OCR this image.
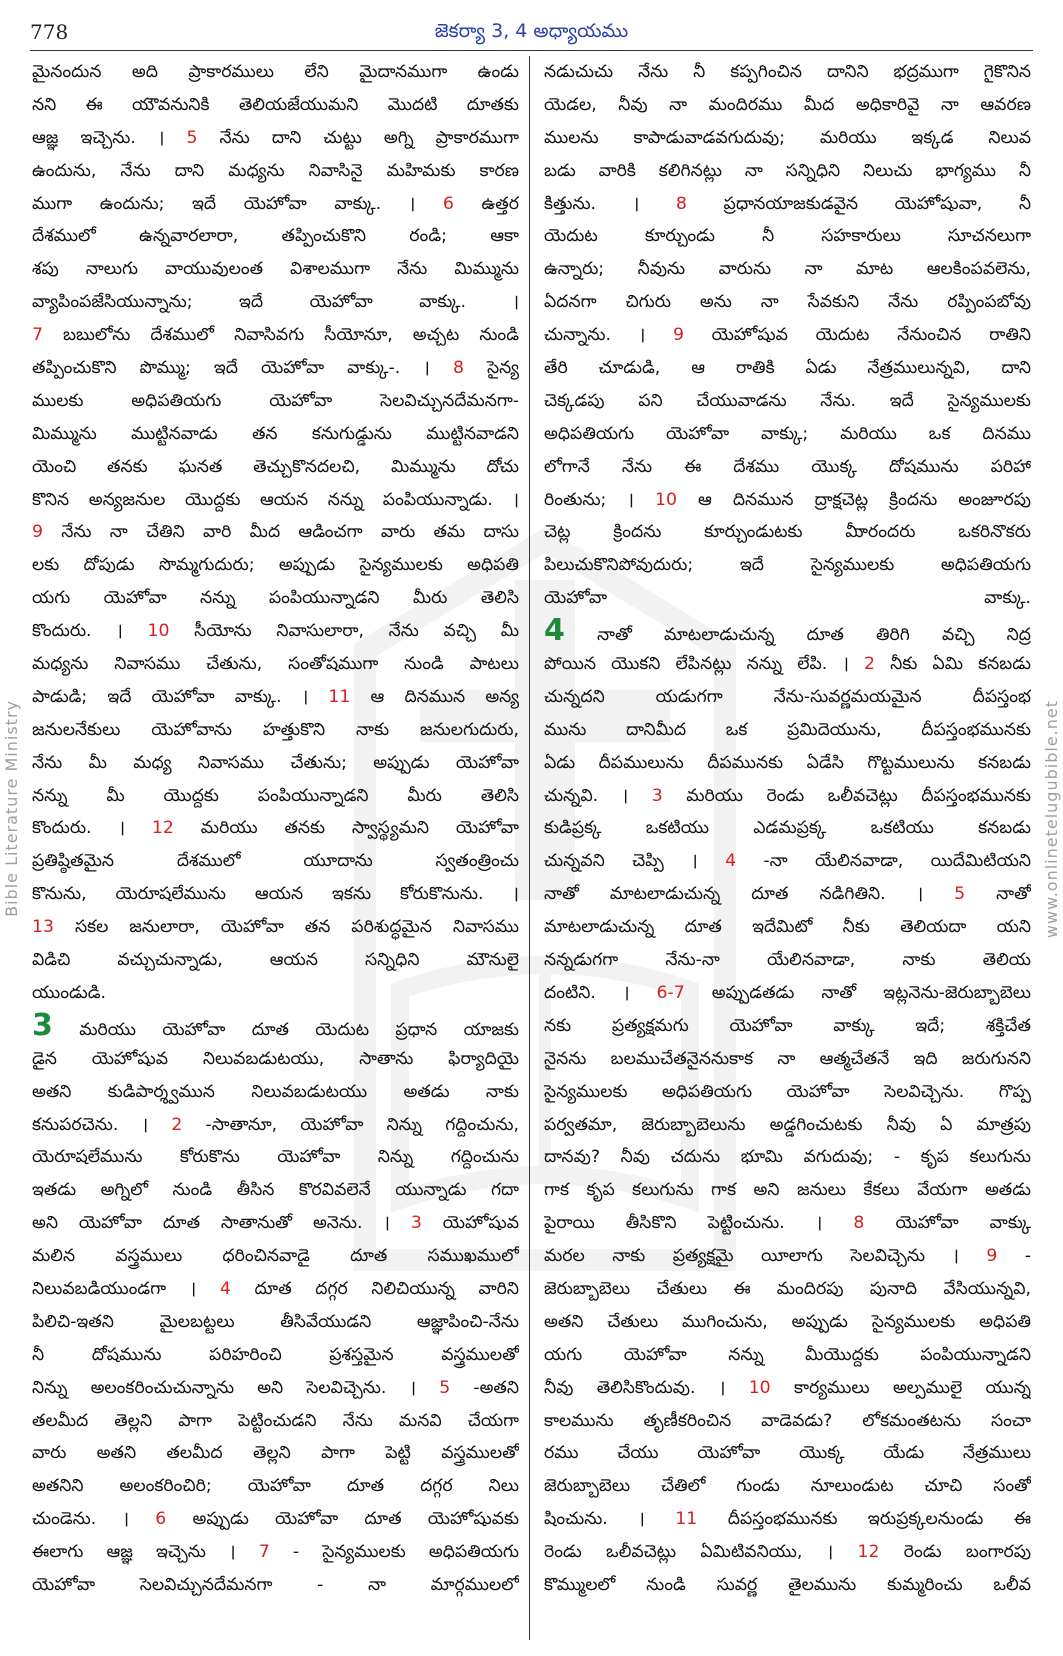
778	జెకర్యా 3, 4 అధ్యాయము
Bible Literature Ministry	www.onlinetelugubible.net
మైనందున అది ప్రాకారములు లేని మైదానముగా ఉండు
నని ఈ యౌవనునికి తెలియజేయుమని మొదటి దూతకు
ఆజ్ఞ ఇచ్చెను. । 5 నేను దాని చుట్టు అగ్ని ప్రాకారముగా
ఉందును, నేను దాని మధ్యను నివాసినై మహిమకు కారణ
ముగా ఉందును; ఇదే యెహోవా వాక్కు. । 6 ఉత్తర
దేశములో ఉన్నవారలారా, తప్పించుకొని రండి; ఆకా
శపు నాలుగు వాయువులంత విశాలముగా నేను మిమ్మును
వ్యాపింపజేసియున్నాను; ఇదే యెహోవా వాక్కు. ।
7 బబులోను దేశములో నివాసివగు సీయోనూ, అచ్చట నుండి
తప్పించుకొని పొమ్ము; ఇదే యెహోవా వాక్కు-. । 8 సైన్య
ములకు అధిపతియగు యెహోవా సెలవిచ్చునదేమనగా-
మిమ్మును ముట్టినవాడు తన కనుగుడ్డును ముట్టినవాడని
యెంచి తనకు ఘనత తెచ్చుకొనదలచి, మిమ్మును దోచు
కొనిన అన్యజనుల యొద్దకు ఆయన నన్ను పంపియున్నాడు. ।
9 నేను నా చేతిని వారి మీద ఆడించగా వారు తమ దాసు
లకు దోపుడు సొమ్మగుదురు; అప్పుడు సైన్యములకు అధిపతి
యగు యెహోవా నన్ను పంపియున్నాడని మీరు తెలిసి
కొందురు. । 10 సీయోను నివాసులారా, నేను వచ్చి మీ
మధ్యను నివాసము చేతును, సంతోషముగా నుండి పాటలు
పాడుడి; ఇదే యెహోవా వాక్కు. । 11 ఆ దినమున అన్య
జనులనేకులు యెహోవాను హత్తుకొని నాకు జనులగుదురు,
నేను మీ మధ్య నివాసము చేతును; అప్పుడు యెహోవా
నన్ను మీ యొద్దకు పంపియున్నాడని మీరు తెలిసి
కొందురు. । 12 మరియు తనకు స్వాస్థ్యమని యెహోవా
ప్రతిష్ఠితమైన దేశములో యూదాను స్వతంత్రించు
కొనును, యెరూషలేమును ఆయన ఇకను కోరుకొనును. ।
13 సకల జనులారా, యెహోవా తన పరిశుద్ధమైన నివాసము
విడిచి వచ్చుచున్నాడు, ఆయన సన్నిధిని మౌనులై
యుండుడి.
3 మరియు యెహోవా దూత యెదుట ప్రధాన యాజకు
డైన యెహోషువ నిలువబడుటయు, సాతాను ఫిర్యాదియై
అతని కుడిపార్శ్వమున నిలువబడుటయు అతడు నాకు
కనుపరచెను. । 2 -సాతానూ, యెహోవా నిన్ను గద్దించును,
యెరూషలేమును కోరుకొను యెహోవా నిన్ను గద్దించును
ఇతడు అగ్నిలో నుండి తీసిన కొరవివలెనే యున్నాడు గదా
అని యెహోవా దూత సాతానుతో అనెను. । 3 యెహోషువ
మలిన వస్త్రములు ధరించినవాడై దూత సముఖములో
నిలువబడియుండగా । 4 దూత దగ్గర నిలిచియున్న వారిని
పిలిచి-ఇతని మైలబట్టలు తీసివేయుడని ఆజ్ఞాపించి-నేను
నీ దోషమును పరిహరించి ప్రశస్తమైన వస్త్రములతో
నిన్ను అలంకరించుచున్నాను అని సెలవిచ్చెను. । 5 -అతని
తలమీద తెల్లని పాగా పెట్టించుడని నేను మనవి చేయగా
వారు అతని తలమీద తెల్లని పాగా పెట్టి వస్త్రములతో
అతనిని అలంకరించిరి; యెహోవా దూత దగ్గర నిలు
చుండెను. । 6 అప్పుడు యెహోవా దూత యెహోషువకు
ఈలాగు ఆజ్ఞ ఇచ్చెను । 7 - సైన్యములకు అధిపతియగు
యెహోవా సెలవిచ్చునదేమనగా - నా మార్గములలో
నడుచుచు నేను నీ కప్పగించిన దానిని భద్రముగా గైకొనిన
యెడల, నీవు నా మందిరము మీద అధికారివై నా ఆవరణ
ములను కాపాడువాడవగుదువు; మరియు ఇక్కడ నిలువ
బడు వారికి కలిగినట్లు నా సన్నిధిని నిలుచు భాగ్యము నీ
కిత్తును. । 8 ప్రధానయాజకుడవైన యెహోషువా, నీ
యెదుట కూర్చుండు నీ సహకారులు సూచనలుగా
ఉన్నారు; నీవును వారును నా మాట ఆలకింపవలెను,
ఏదనగా చిగురు అను నా సేవకుని నేను రప్పింపబోవు
చున్నాను. । 9 యెహోషువ యెదుట నేనుంచిన రాతిని
తేరి చూడుడి, ఆ రాతికి ఏడు నేత్రములున్నవి, దాని
చెక్కడపు పని చేయువాడను నేను. ఇదే సైన్యములకు
అధిపతియగు యెహోవా వాక్కు; మరియు ఒక దినము
లోగానే నేను ఈ దేశము యొక్క దోషమును పరిహా
రింతును; । 10 ఆ దినమున ద్రాక్షచెట్ల క్రిందను అంజూరపు
చెట్ల క్రిందను కూర్చుండుటకు మీారందరు ఒకరినొకరు
పిలుచుకొనిపోవుదురు; ఇదే సైన్యములకు అధిపతియగు
యెహోవా వాక్కు.
4 నాతో మాటలాడుచున్న దూత తిరిగి వచ్చి నిద్ర
పోయిన యొకని లేపినట్లు నన్ను లేపి. । 2 నీకు ఏమి కనబడు
చున్నదని యడుగగా నేను-సువర్ణమయమైన దీపస్తంభ
మును దానిమీద ఒక ప్రమిదెయును, దీపస్తంభమునకు
ఏడు దీపములును దీపమునకు ఏడేసి గొట్టములును కనబడు
చున్నవి. । 3 మరియు రెండు ఒలీవచెట్లు దీపస్తంభమునకు
కుడిప్రక్క ఒకటియు ఎడమప్రక్క ఒకటియు కనబడు
చున్నవని చెప్పి । 4 -నా యేలినవాడా, యిదేమిటియని
నాతో మాటలాడుచున్న దూత నడిగితిని. । 5 నాతో
మాటలాడుచున్న దూత ఇదేమిటో నీకు తెలియదా యని
నన్నడుగగా నేను-నా యేలినవాడా, నాకు తెలియ
దంటిని. । 6-7 అప్పుడతడు నాతో ఇట్లనెను-జెరుబ్బాబెలు
నకు ప్రత్యక్షమగు యెహోవా వాక్కు ఇదే; శక్తిచేత
నైనను బలముచేతనైననుకాక నా ఆత్మచేతనే ఇది జరుగునని
సైన్యములకు అధిపతియగు యెహోవా సెలవిచ్చెను. గొప్ప
పర్వతమా, జెరుబ్బాబెలును అడ్డగించుటకు నీవు ఏ మాత్రపు
దానవు? నీవు చదును భూమి వగుదువు; - కృప కలుగును
గాక కృప కలుగును గాక అని జనులు కేకలు వేయగా అతడు
పైరాయి తీసికొని పెట్టించును. । 8 యెహోవా వాక్కు
మరల నాకు ప్రత్యక్షమై యీలాగు సెలవిచ్చెను । 9 -
జెరుబ్బాబెలు చేతులు ఈ మందిరపు పునాది వేసియున్నవి,
అతని చేతులు ముగించును, అప్పుడు సైన్యములకు అధిపతి
యగు యెహోవా నన్ను మీయొద్దకు పంపియున్నాడని
నీవు తెలిసికొందువు. । 10 కార్యములు అల్పములై యున్న
కాలమును తృణీకరించిన వాడెవడు? లోకమంతటను సంచా
రము చేయు యెహోవా యొక్క యేడు నేత్రములు
జెరుబ్బాబెలు చేతిలో గుండు నూలుండుట చూచి సంతో
షించును. । 11 దీపస్తంభమునకు ఇరుప్రక్కలనుండు ఈ
రెండు ఒలీవచెట్లు ఏమిటివనియు, । 12 రెండు బంగారపు
కొమ్ములలో నుండి సువర్ణ తైలమును కుమ్మరించు ఒలీవ
